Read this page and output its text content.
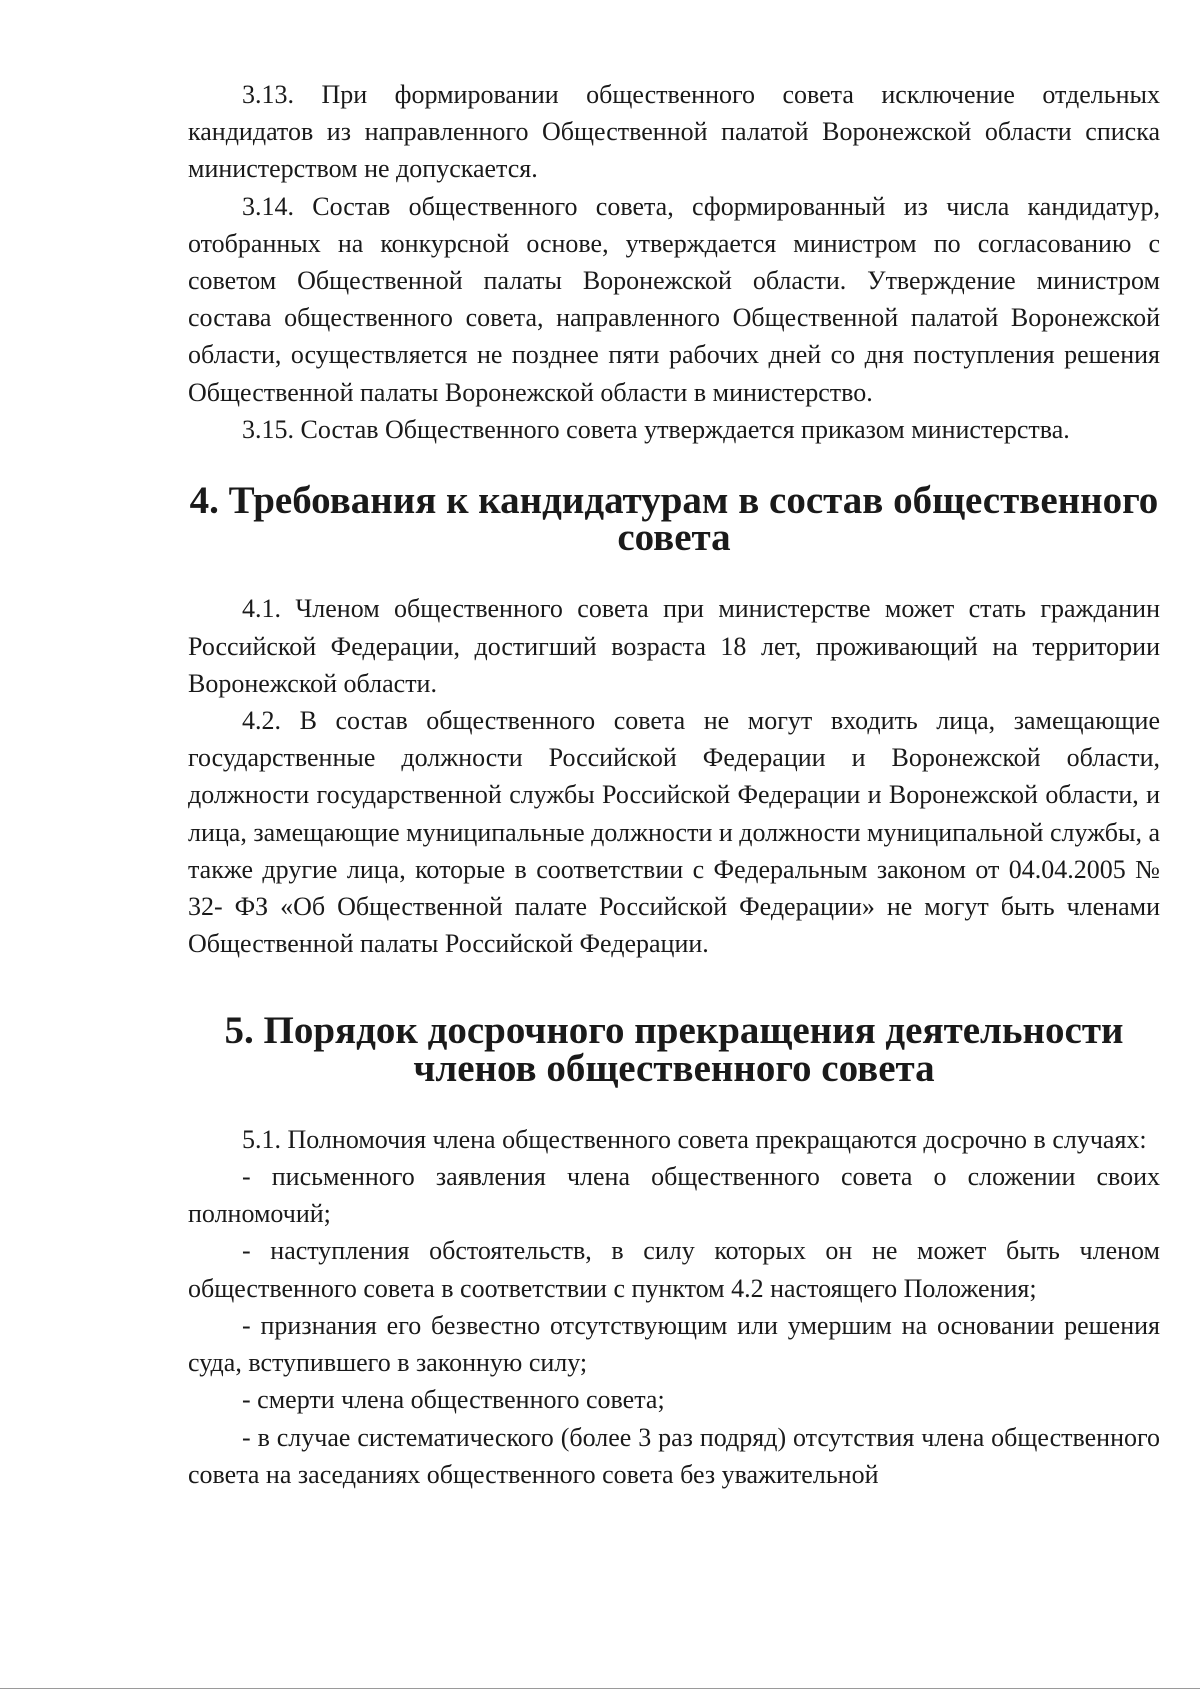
3.13. При формировании общественного совета исключение отдельных кандидатов из направленного Общественной палатой Воронежской области списка министерством не допускается.

3.14. Состав общественного совета, сформированный из числа кандидатур, отобранных на конкурсной основе, утверждается министром по согласованию с советом Общественной палаты Воронежской области. Утверждение министром состава общественного совета, направленного Общественной палатой Воронежской области, осуществляется не позднее пяти рабочих дней со дня поступления решения Общественной палаты Воронежской области в министерство.

3.15. Состав Общественного совета утверждается приказом министерства.

4. Требования к кандидатурам в состав общественного совета

4.1. Членом общественного совета при министерстве может стать гражданин Российской Федерации, достигший возраста 18 лет, проживающий на территории Воронежской области.

4.2. В состав общественного совета не могут входить лица, замещающие государственные должности Российской Федерации и Воронежской области, должности государственной службы Российской Федерации и Воронежской области, и лица, замещающие муниципальные должности и должности муниципальной службы, а также другие лица, которые в соответствии с Федеральным законом от 04.04.2005 № 32- ФЗ «Об Общественной палате Российской Федерации» не могут быть членами Общественной палаты Российской Федерации.

5. Порядок досрочного прекращения деятельности
членов общественного совета

5.1. Полномочия члена общественного совета прекращаются досрочно в случаях:

- письменного заявления члена общественного совета о сложении своих полномочий;

- наступления обстоятельств, в силу которых он не может быть членом общественного совета в соответствии с пунктом 4.2 настоящего Положения;

- признания его безвестно отсутствующим или умершим на основании решения суда, вступившего в законную силу;

- смерти члена общественного совета;

- в случае систематического (более 3 раз подряд) отсутствия члена общественного совета на заседаниях общественного совета без уважительной
